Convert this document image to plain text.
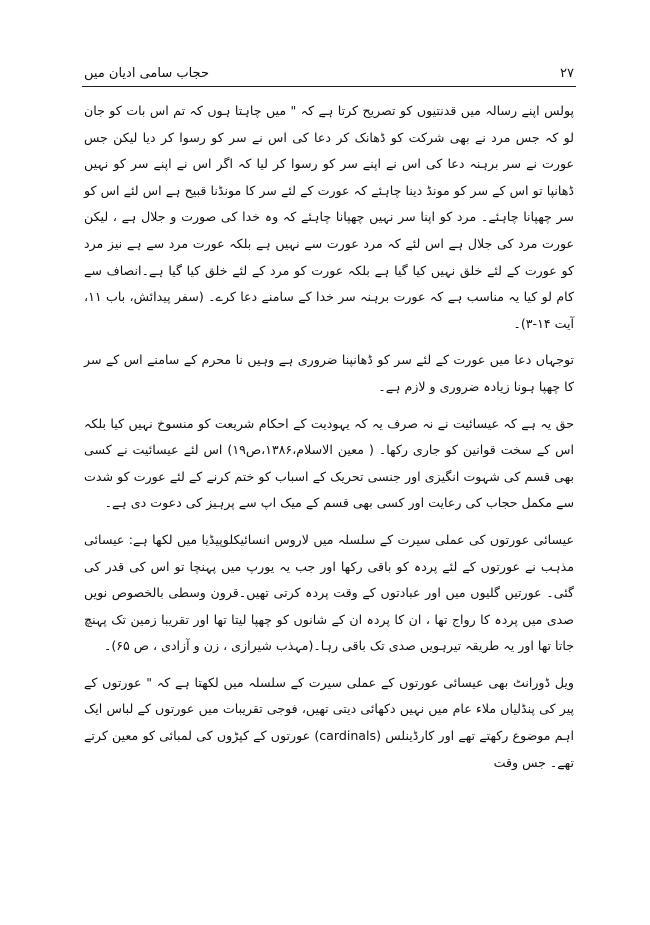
۲۷
حجاب سامی ادیان میں

پولس اپنے رسالہ میں قدنتیوں کو تصریح کرتا ہے کہ " میں چاہتا ہوں کہ تم اس بات کو جان لو کہ جس مرد نے بھی شرکت کو ڈھانک کر دعا کی اس نے سر کو رسوا کر دیا لیکن جس عورت نے سر برہنہ دعا کی اس نے اپنے سر کو رسوا کر لیا کہ اگر اس نے اپنے سر کو نہیں ڈھانپا تو اس کے سر کو مونڈ دینا چاہئے کہ عورت کے لئے سر کا مونڈنا قبیح ہے اس لئے اس کو سر چھپانا چاہئے۔ مرد کو اپنا سر نہیں چھپانا چاہئے کہ وہ خدا کی صورت و جلال ہے ، لیکن عورت مرد کی جلال ہے اس لئے کہ مرد عورت سے نہیں ہے بلکہ عورت مرد سے ہے نیز مرد کو عورت کے لئے خلق نہیں کیا گیا ہے بلکہ عورت کو مرد کے لئے خلق کیا گیا ہے۔انصاف سے کام لو کیا یہ مناسب ہے کہ عورت برہنہ سر خدا کے سامنے دعا کرے۔ (سفر پیدائش، باب ۱۱، آیت ۱۴-۳)۔

توجہاں دعا میں عورت کے لئے سر کو ڈھانپنا ضروری ہے وہیں نا محرم کے سامنے اس کے سر کا چھپا ہونا زیادہ ضروری و لازم ہے۔

حق یہ ہے کہ عیسائیت نے نہ صرف یہ کہ یہودیت کے احکام شریعت کو منسوخ نہیں کیا بلکہ اس کے سخت قوانین کو جاری رکھا۔ ( معین الاسلام،۱۳۸۶،ص۱۹) اس لئے عیسائیت نے کسی بھی قسم کی شہوت انگیزی اور جنسی تحریک کے اسباب کو ختم کرنے کے لئے عورت کو شدت سے مکمل حجاب کی رعایت اور کسی بھی قسم کے میک اپ سے پرہیز کی دعوت دی ہے۔

عیسائی عورتوں کی عملی سیرت کے سلسلہ میں لاروس انسائیکلوپیڈیا میں لکھا ہے: عیسائی مذہب نے عورتوں کے لئے پردہ کو باقی رکھا اور جب یہ یورپ میں پہنچا تو اس کی قدر کی گئی۔ عورتیں گلیوں میں اور عبادتوں کے وقت پردہ کرتی تھیں۔قرون وسطی بالخصوص نویں صدی میں پردہ کا رواج تھا ، ان کا پردہ ان کے شانوں کو چھپا لیتا تھا اور تقریبا زمین تک پہنچ جاتا تھا اور یہ طریقہ تیرہویں صدی تک باقی رہا۔(مہذب شیرازی ، زن و آزادی ، ص ۶۵)۔

ویل ڈورانٹ بھی عیسائی عورتوں کے عملی سیرت کے سلسلہ میں لکھتا ہے کہ " عورتوں کے پیر کی پنڈلیاں ملاء عام میں نہیں دکھائی دیتی تھیں، فوجی تقریبات میں عورتوں کے لباس ایک اہم موضوع رکھتے تھے اور کارڈینلس (cardinals) عورتوں کے کپڑوں کی لمبائی کو معین کرتے تھے۔ جس وقت
